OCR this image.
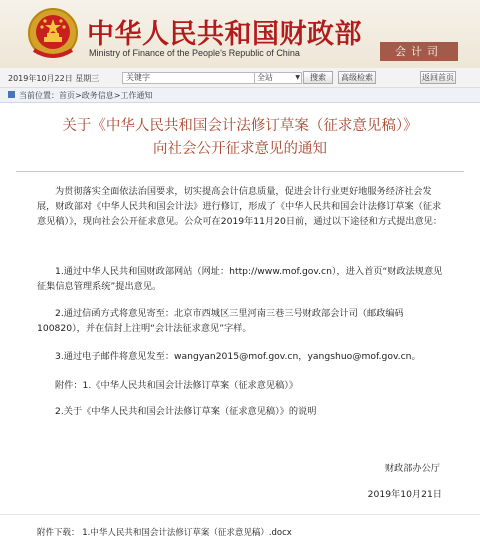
中华人民共和国财政部
Ministry of Finance of the People's Republic of China	会计司
2019年10月22日 星期三	关键字	全站	▼	搜索	高级检索	返回首页
当前位置：首页>政务信息>工作通知
关于《中华人民共和国会计法修订草案（征求意见稿）》
向社会公开征求意见的通知
为贯彻落实全面依法治国要求，切实提高会计信息质量，促进会计行业更好地服务经济社会发展，财政部对《中华人民共和国会计法》进行修订，形成了《中华人民共和国会计法修订草案（征求意见稿）》，现向社会公开征求意见。公众可在2019年11月20日前，通过以下途径和方式提出意见：
1.通过中华人民共和国财政部网站（网址：http://www.mof.gov.cn），进入首页“财政法规意见征集信息管理系统”提出意见。
2.通过信函方式将意见寄至：北京市西城区三里河南三巷三号财政部会计司（邮政编码100820），并在信封上注明“会计法征求意见”字样。
3.通过电子邮件将意见发至：wangyan2015@mof.gov.cn，yangshuo@mof.gov.cn。
附件：1.《中华人民共和国会计法修订草案（征求意见稿）》
2.关于《中华人民共和国会计法修订草案（征求意见稿）》的说明
财政部办公厅
2019年10月21日
附件下载： 1.中华人民共和国会计法修订草案（征求意见稿）.docx
